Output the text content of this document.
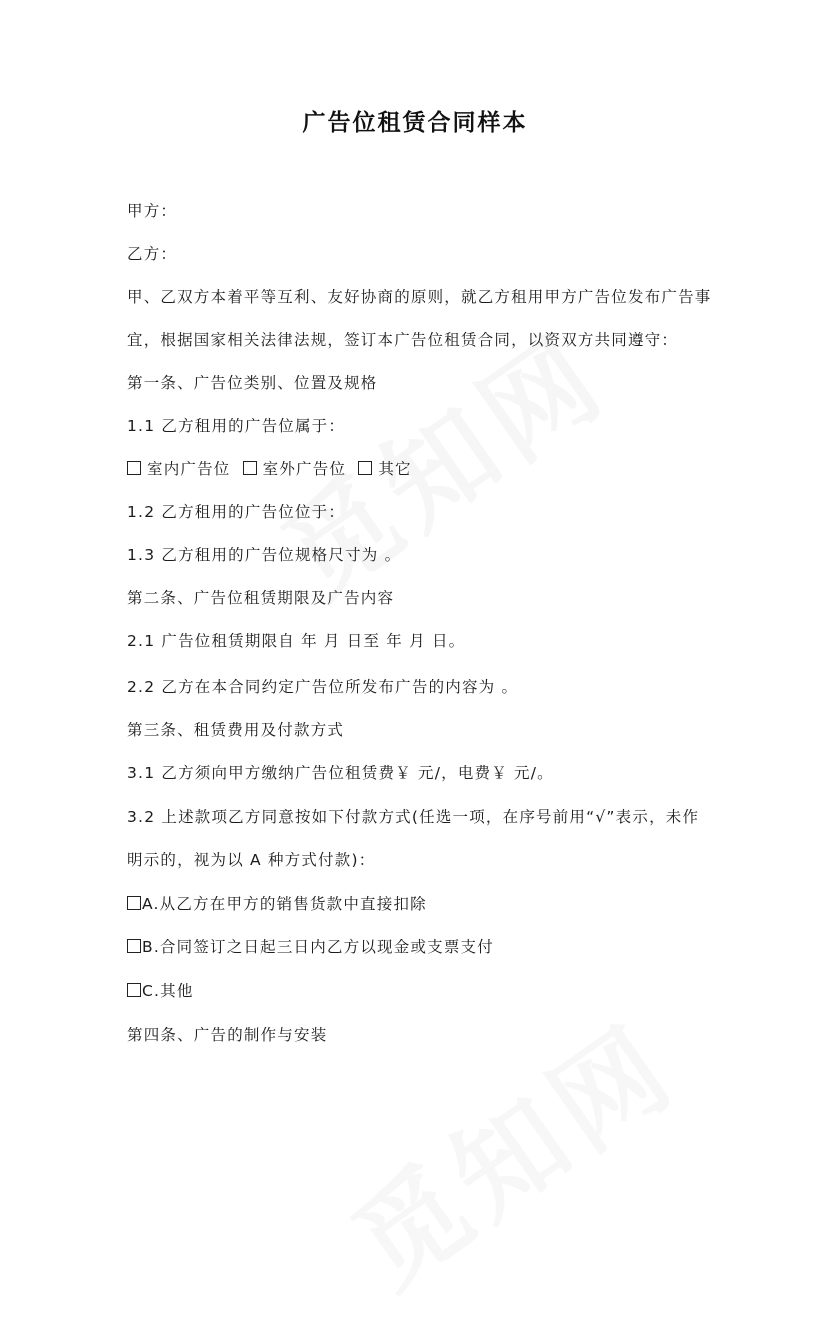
广告位租赁合同样本
甲方：
乙方：
甲、乙双方本着平等互利、友好协商的原则，就乙方租用甲方广告位发布广告事
宜，根据国家相关法律法规，签订本广告位租赁合同，以资双方共同遵守：
第一条、广告位类别、位置及规格
1.1 乙方租用的广告位属于：
室内广告位 室外广告位 其它
1.2 乙方租用的广告位位于：
1.3 乙方租用的广告位规格尺寸为 。
第二条、广告位租赁期限及广告内容
2.1 广告位租赁期限自 年 月 日至 年 月 日。
2.2 乙方在本合同约定广告位所发布广告的内容为 。
第三条、租赁费用及付款方式
3.1 乙方须向甲方缴纳广告位租赁费￥ 元/，电费￥ 元/。
3.2 上述款项乙方同意按如下付款方式(任选一项，在序号前用“√”表示，未作
明示的，视为以 A 种方式付款)：
A.从乙方在甲方的销售货款中直接扣除
B.合同签订之日起三日内乙方以现金或支票支付
C.其他
第四条、广告的制作与安装
